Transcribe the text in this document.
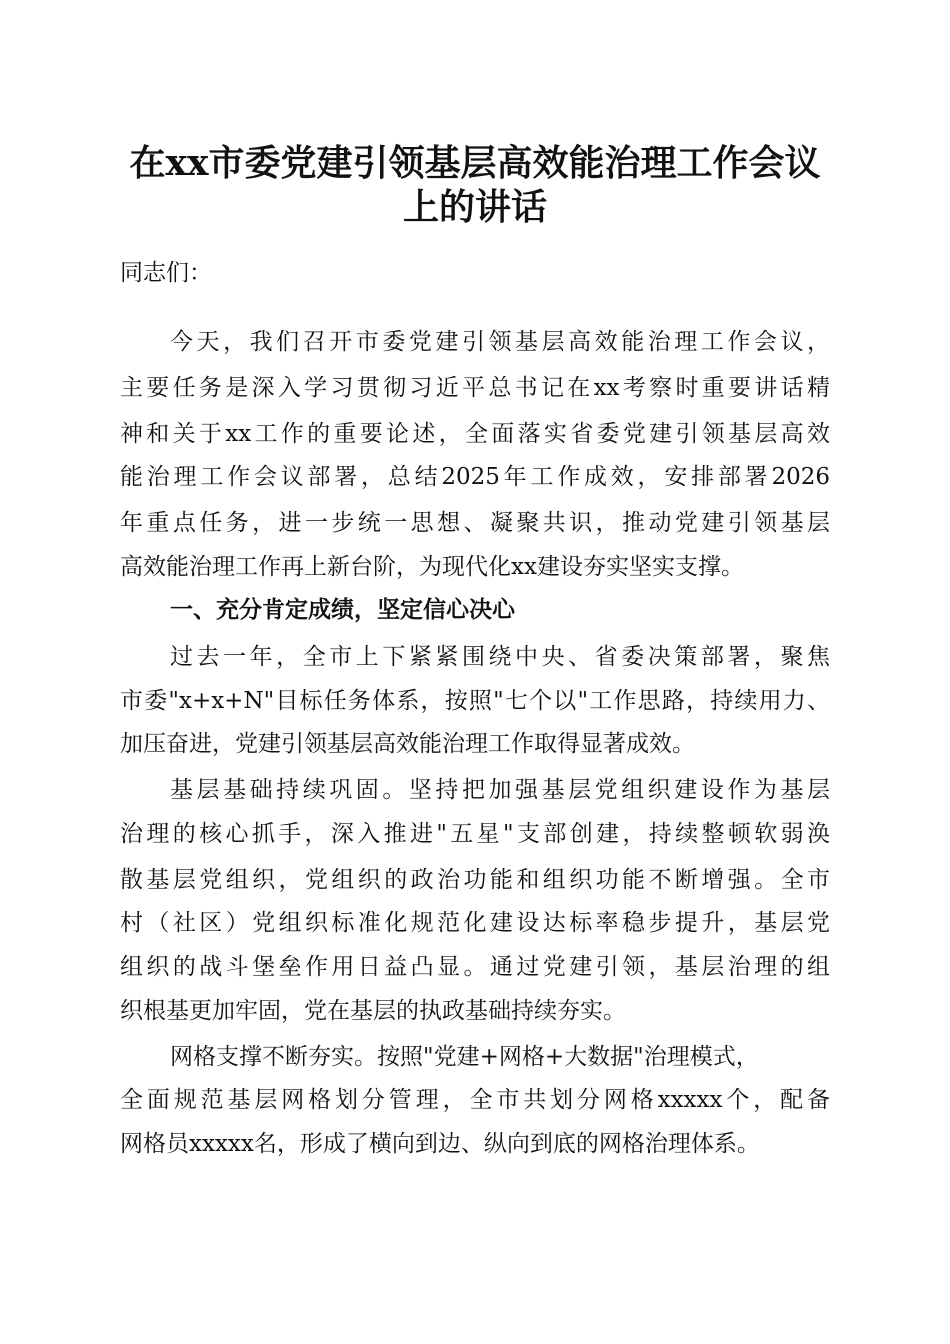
在xx市委党建引领基层高效能治理工作会议
上的讲话
同志们：
今天，我们召开市委党建引领基层高效能治理工作会议，
主要任务是深入学习贯彻习近平总书记在xx考察时重要讲话精
神和关于xx工作的重要论述，全面落实省委党建引领基层高效
能治理工作会议部署，总结2025年工作成效，安排部署2026
年重点任务，进一步统一思想、凝聚共识，推动党建引领基层
高效能治理工作再上新台阶，为现代化xx建设夯实坚实支撑。
一、充分肯定成绩，坚定信心决心
过去一年，全市上下紧紧围绕中央、省委决策部署，聚焦
市委"x+x+N"目标任务体系，按照"七个以"工作思路，持续用力、
加压奋进，党建引领基层高效能治理工作取得显著成效。
基层基础持续巩固。坚持把加强基层党组织建设作为基层
治理的核心抓手，深入推进"五星"支部创建，持续整顿软弱涣
散基层党组织，党组织的政治功能和组织功能不断增强。全市
村（社区）党组织标准化规范化建设达标率稳步提升，基层党
组织的战斗堡垒作用日益凸显。通过党建引领，基层治理的组
织根基更加牢固，党在基层的执政基础持续夯实。
网格支撑不断夯实。按照"党建+网格+大数据"治理模式，
全面规范基层网格划分管理，全市共划分网格xxxxx个，配备
网格员xxxxx名，形成了横向到边、纵向到底的网格治理体系。
